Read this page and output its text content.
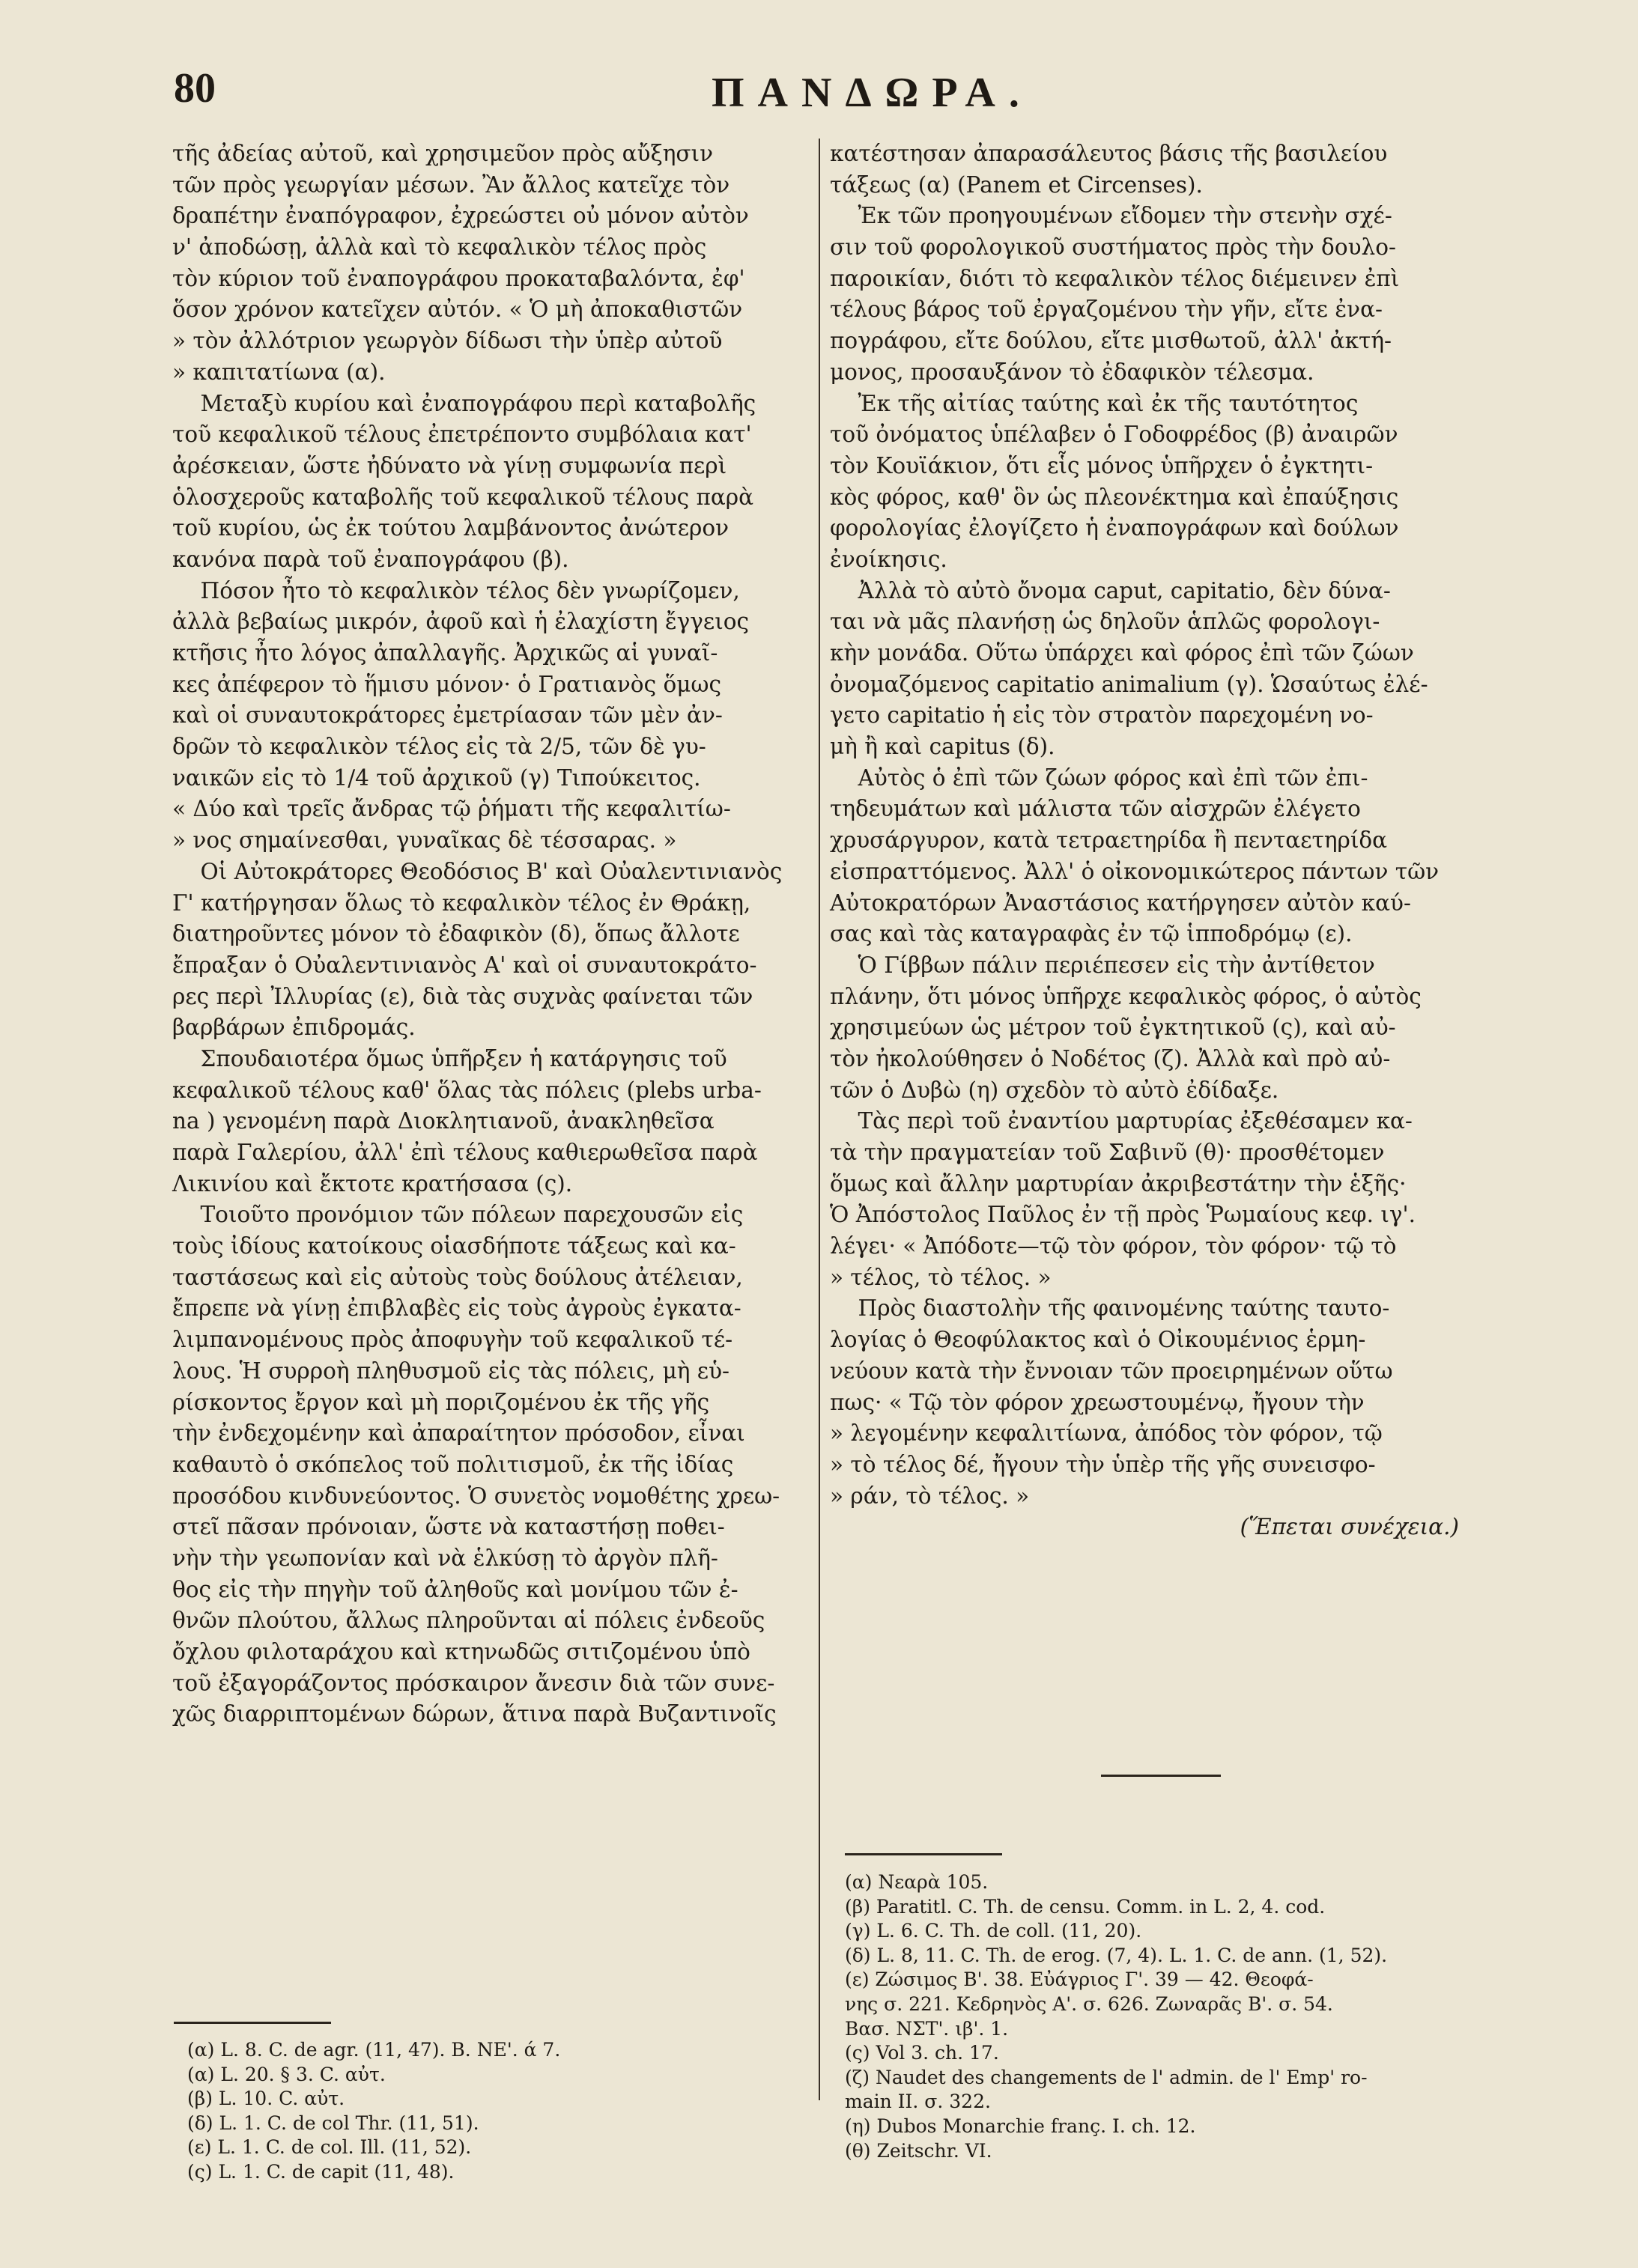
80	ΠΑΝΔΩΡΑ.
τῆς ἀδείας αὐτοῦ, καὶ χρησιμεῦον πρὸς αὔξησιν
τῶν πρὸς γεωργίαν μέσων. Ἂν ἄλλος κατεῖχε τὸν
δραπέτην ἐναπόγραφον, ἐχρεώστει οὐ μόνον αὐτὸν
ν' ἀποδώσῃ, ἀλλὰ καὶ τὸ κεφαλικὸν τέλος πρὸς
τὸν κύριον τοῦ ἐναπογράφου προκαταβαλόντα, ἐφ'
ὅσον χρόνον κατεῖχεν αὐτόν. « Ὁ μὴ ἀποκαθιστῶν
» τὸν ἀλλότριον γεωργὸν δίδωσι τὴν ὑπὲρ αὐτοῦ
» καπιτατίωνα (α).
Μεταξὺ κυρίου καὶ ἐναπογράφου περὶ καταβολῆς
τοῦ κεφαλικοῦ τέλους ἐπετρέποντο συμβόλαια κατ'
ἀρέσκειαν, ὥστε ἠδύνατο νὰ γίνῃ συμφωνία περὶ
ὁλοσχεροῦς καταβολῆς τοῦ κεφαλικοῦ τέλους παρὰ
τοῦ κυρίου, ὡς ἐκ τούτου λαμβάνοντος ἀνώτερον
κανόνα παρὰ τοῦ ἐναπογράφου (β).
Πόσον ἦτο τὸ κεφαλικὸν τέλος δὲν γνωρίζομεν,
ἀλλὰ βεβαίως μικρόν, ἀφοῦ καὶ ἡ ἐλαχίστη ἔγγειος
κτῆσις ἦτο λόγος ἀπαλλαγῆς. Ἀρχικῶς αἱ γυναῖ-
κες ἀπέφερον τὸ ἥμισυ μόνον· ὁ Γρατιανὸς ὅμως
καὶ οἱ συναυτοκράτορες ἐμετρίασαν τῶν μὲν ἀν-
δρῶν τὸ κεφαλικὸν τέλος εἰς τὰ 2/5, τῶν δὲ γυ-
ναικῶν εἰς τὸ 1/4 τοῦ ἀρχικοῦ (γ) Τιπούκειτος.
« Δύο καὶ τρεῖς ἄνδρας τῷ ῥήματι τῆς κεφαλιτίω-
» νος σημαίνεσθαι, γυναῖκας δὲ τέσσαρας. »
Οἱ Αὐτοκράτορες Θεοδόσιος Β' καὶ Οὐαλεντινιανὸς
Γ' κατήργησαν ὅλως τὸ κεφαλικὸν τέλος ἐν Θράκῃ,
διατηροῦντες μόνον τὸ ἐδαφικὸν (δ), ὅπως ἄλλοτε
ἔπραξαν ὁ Οὐαλεντινιανὸς Α' καὶ οἱ συναυτοκράτο-
ρες περὶ Ἰλλυρίας (ε), διὰ τὰς συχνὰς φαίνεται τῶν
βαρβάρων ἐπιδρομάς.
Σπουδαιοτέρα ὅμως ὑπῆρξεν ἡ κατάργησις τοῦ
κεφαλικοῦ τέλους καθ' ὅλας τὰς πόλεις (plebs urba-
na ) γενομένη παρὰ Διοκλητιανοῦ, ἀνακληθεῖσα
παρὰ Γαλερίου, ἀλλ' ἐπὶ τέλους καθιερωθεῖσα παρὰ
Λικινίου καὶ ἔκτοτε κρατήσασα (ς).
Τοιοῦτο προνόμιον τῶν πόλεων παρεχουσῶν εἰς
τοὺς ἰδίους κατοίκους οἱασδήποτε τάξεως καὶ κα-
ταστάσεως καὶ εἰς αὐτοὺς τοὺς δούλους ἀτέλειαν,
ἔπρεπε νὰ γίνῃ ἐπιβλαβὲς εἰς τοὺς ἀγροὺς ἐγκατα-
λιμπανομένους πρὸς ἀποφυγὴν τοῦ κεφαλικοῦ τέ-
λους. Ἡ συρροὴ πληθυσμοῦ εἰς τὰς πόλεις, μὴ εὑ-
ρίσκοντος ἔργον καὶ μὴ ποριζομένου ἐκ τῆς γῆς
τὴν ἐνδεχομένην καὶ ἀπαραίτητον πρόσοδον, εἶναι
καθαυτὸ ὁ σκόπελος τοῦ πολιτισμοῦ, ἐκ τῆς ἰδίας
προσόδου κινδυνεύοντος. Ὁ συνετὸς νομοθέτης χρεω-
στεῖ πᾶσαν πρόνοιαν, ὥστε νὰ καταστήσῃ ποθει-
νὴν τὴν γεωπονίαν καὶ νὰ ἑλκύσῃ τὸ ἀργὸν πλῆ-
θος εἰς τὴν πηγὴν τοῦ ἀληθοῦς καὶ μονίμου τῶν ἐ-
θνῶν πλούτου, ἄλλως πληροῦνται αἱ πόλεις ἐνδεοῦς
ὄχλου φιλοταράχου καὶ κτηνωδῶς σιτιζομένου ὑπὸ
τοῦ ἐξαγοράζοντος πρόσκαιρον ἄνεσιν διὰ τῶν συνε-
χῶς διαρριπτομένων δώρων, ἅτινα παρὰ Βυζαντινοῖς
κατέστησαν ἀπαρασάλευτος βάσις τῆς βασιλείου
τάξεως (α) (Panem et Circenses).
Ἐκ τῶν προηγουμένων εἴδομεν τὴν στενὴν σχέ-
σιν τοῦ φορολογικοῦ συστήματος πρὸς τὴν δουλο-
παροικίαν, διότι τὸ κεφαλικὸν τέλος διέμεινεν ἐπὶ
τέλους βάρος τοῦ ἐργαζομένου τὴν γῆν, εἴτε ἐνα-
πογράφου, εἴτε δούλου, εἴτε μισθωτοῦ, ἀλλ' ἀκτή-
μονος, προσαυξάνον τὸ ἐδαφικὸν τέλεσμα.
Ἐκ τῆς αἰτίας ταύτης καὶ ἐκ τῆς ταυτότητος
τοῦ ὀνόματος ὑπέλαβεν ὁ Γοδοφρέδος (β) ἀναιρῶν
τὸν Κουϊάκιον, ὅτι εἷς μόνος ὑπῆρχεν ὁ ἐγκτητι-
κὸς φόρος, καθ' ὃν ὡς πλεονέκτημα καὶ ἐπαύξησις
φορολογίας ἐλογίζετο ἡ ἐναπογράφων καὶ δούλων
ἐνοίκησις.
Ἀλλὰ τὸ αὐτὸ ὄνομα caput, capitatio, δὲν δύνα-
ται νὰ μᾶς πλανήσῃ ὡς δηλοῦν ἁπλῶς φορολογι-
κὴν μονάδα. Οὕτω ὑπάρχει καὶ φόρος ἐπὶ τῶν ζώων
ὀνομαζόμενος capitatio animalium (γ). Ὡσαύτως ἐλέ-
γετο capitatio ἡ εἰς τὸν στρατὸν παρεχομένη νο-
μὴ ἢ καὶ capitus (δ).
Αὐτὸς ὁ ἐπὶ τῶν ζώων φόρος καὶ ἐπὶ τῶν ἐπι-
τηδευμάτων καὶ μάλιστα τῶν αἰσχρῶν ἐλέγετο
χρυσάργυρον, κατὰ τετραετηρίδα ἢ πενταετηρίδα
εἰσπραττόμενος. Ἀλλ' ὁ οἰκονομικώτερος πάντων τῶν
Αὐτοκρατόρων Ἀναστάσιος κατήργησεν αὐτὸν καύ-
σας καὶ τὰς καταγραφὰς ἐν τῷ ἱπποδρόμῳ (ε).
Ὁ Γίββων πάλιν περιέπεσεν εἰς τὴν ἀντίθετον
πλάνην, ὅτι μόνος ὑπῆρχε κεφαλικὸς φόρος, ὁ αὐτὸς
χρησιμεύων ὡς μέτρον τοῦ ἐγκτητικοῦ (ς), καὶ αὐ-
τὸν ἠκολούθησεν ὁ Νοδέτος (ζ). Ἀλλὰ καὶ πρὸ αὐ-
τῶν ὁ Δυβὼ (η) σχεδὸν τὸ αὐτὸ ἐδίδαξε.
Τὰς περὶ τοῦ ἐναντίου μαρτυρίας ἐξεθέσαμεν κα-
τὰ τὴν πραγματείαν τοῦ Σαβινῦ (θ)· προσθέτομεν
ὅμως καὶ ἄλλην μαρτυρίαν ἀκριβεστάτην τὴν ἑξῆς·
Ὁ Ἀπόστολος Παῦλος ἐν τῇ πρὸς Ῥωμαίους κεφ. ιγ'.
λέγει· « Ἀπόδοτε—τῷ τὸν φόρον, τὸν φόρον· τῷ τὸ
» τέλος, τὸ τέλος. »
Πρὸς διαστολὴν τῆς φαινομένης ταύτης ταυτο-
λογίας ὁ Θεοφύλακτος καὶ ὁ Οἰκουμένιος ἑρμη-
νεύουν κατὰ τὴν ἔννοιαν τῶν προειρημένων οὕτω
πως· « Τῷ τὸν φόρον χρεωστουμένῳ, ἤγουν τὴν
» λεγομένην κεφαλιτίωνα, ἀπόδος τὸν φόρον, τῷ
» τὸ τέλος δέ, ἤγουν τὴν ὑπὲρ τῆς γῆς συνεισφο-
» ράν, τὸ τέλος. »
(Ἕπεται συνέχεια.)
(α) L. 8. C. de agr. (11, 47). B. ΝΕ'. ά 7.
(α) L. 20. § 3. C. αὐτ.
(β) L. 10. C. αὐτ.
(δ) L. 1. C. de col Thr. (11, 51).
(ε) L. 1. C. de col. Ill. (11, 52).
(ς) L. 1. C. de capit (11, 48).
(α) Νεαρὰ 105.
(β) Paratitl. C. Th. de censu. Comm. in L. 2, 4. cod.
(γ) L. 6. C. Th. de coll. (11, 20).
(δ) L. 8, 11. C. Th. de erog. (7, 4). L. 1. C. de ann. (1, 52).
(ε) Ζώσιμος Β'. 38. Εὐάγριος Γ'. 39 — 42. Θεοφά-
νης σ. 221. Κεδρηνὸς Α'. σ. 626. Ζωναρᾶς Β'. σ. 54.
Βασ. ΝΣΤ'. ιβ'. 1.
(ς) Vol 3. ch. 17.
(ζ) Naudet des changements de l' admin. de l' Emp' ro-
main II. σ. 322.
(η) Dubos Monarchie franç. I. ch. 12.
(θ) Zeitschr. VI.
